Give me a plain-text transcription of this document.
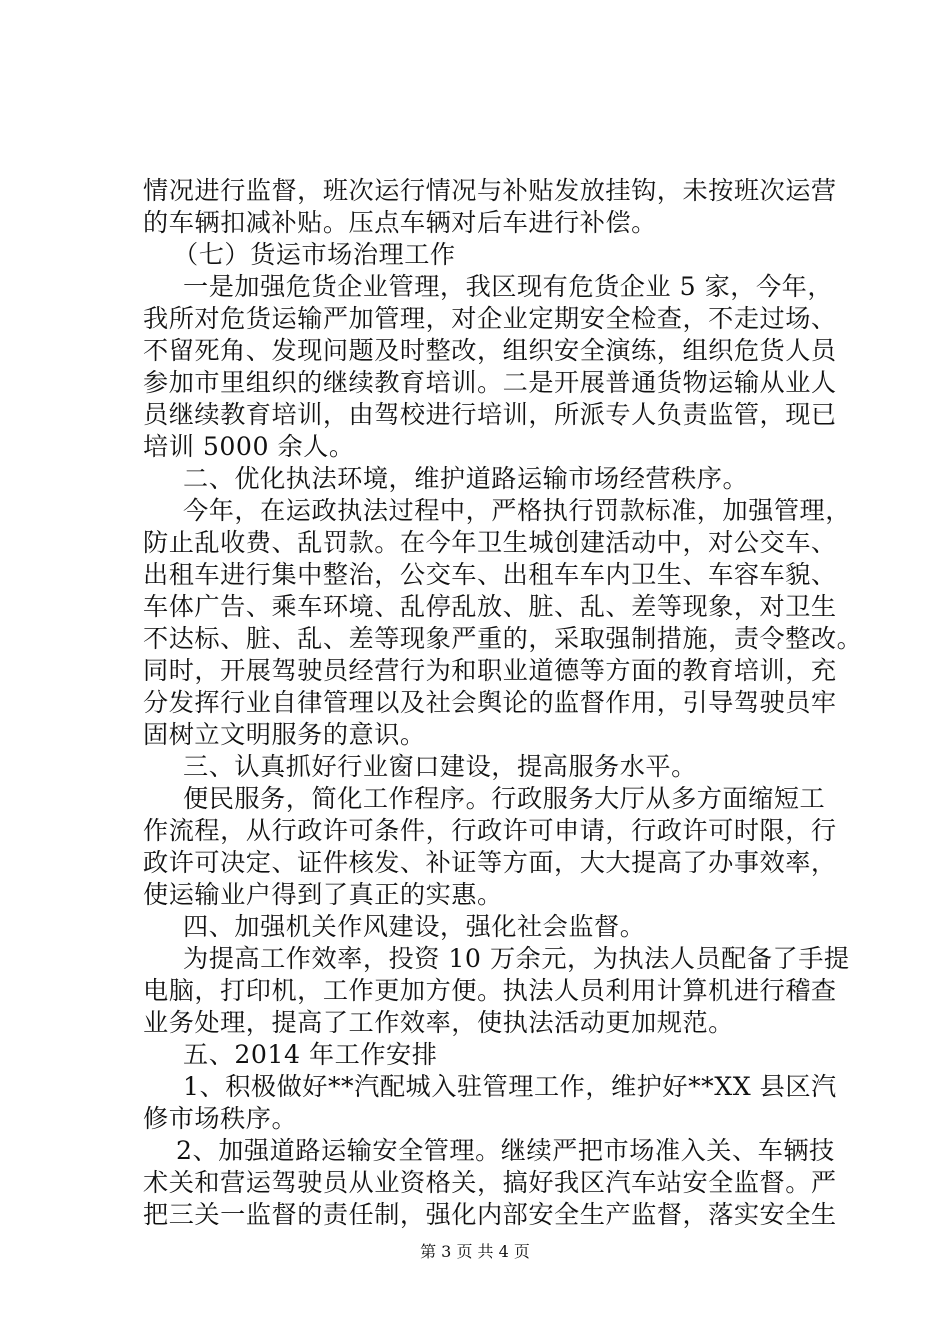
情况进行监督，班次运行情况与补贴发放挂钩，未按班次运营
的车辆扣减补贴。压点车辆对后车进行补偿。
（七）货运市场治理工作
一是加强危货企业管理，我区现有危货企业 5 家，今年，
我所对危货运输严加管理，对企业定期安全检查，不走过场、
不留死角、发现问题及时整改，组织安全演练，组织危货人员
参加市里组织的继续教育培训。二是开展普通货物运输从业人
员继续教育培训，由驾校进行培训，所派专人负责监管，现已
培训 5000 余人。
二、优化执法环境，维护道路运输市场经营秩序。
今年，在运政执法过程中，严格执行罚款标准，加强管理，
防止乱收费、乱罚款。在今年卫生城创建活动中，对公交车、
出租车进行集中整治，公交车、出租车车内卫生、车容车貌、
车体广告、乘车环境、乱停乱放、脏、乱、差等现象，对卫生
不达标、脏、乱、差等现象严重的，采取强制措施，责令整改。
同时，开展驾驶员经营行为和职业道德等方面的教育培训，充
分发挥行业自律管理以及社会舆论的监督作用，引导驾驶员牢
固树立文明服务的意识。
三、认真抓好行业窗口建设，提高服务水平。
便民服务，简化工作程序。行政服务大厅从多方面缩短工
作流程，从行政许可条件，行政许可申请，行政许可时限，行
政许可决定、证件核发、补证等方面，大大提高了办事效率，
使运输业户得到了真正的实惠。
四、加强机关作风建设，强化社会监督。
为提高工作效率，投资 10 万余元，为执法人员配备了手提
电脑，打印机，工作更加方便。执法人员利用计算机进行稽查
业务处理，提高了工作效率，使执法活动更加规范。
五、2014 年工作安排
1、积极做好**汽配城入驻管理工作，维护好**XX 县区汽
修市场秩序。
2、加强道路运输安全管理。继续严把市场准入关、车辆技
术关和营运驾驶员从业资格关，搞好我区汽车站安全监督。严
把三关一监督的责任制，强化内部安全生产监督，落实安全生
第 3 页 共 4 页
